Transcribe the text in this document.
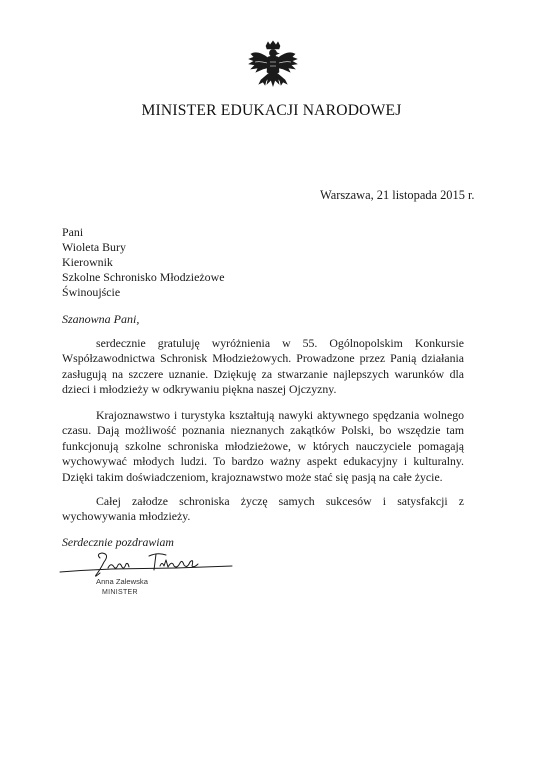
MINISTER EDUKACJI NARODOWEJ
Warszawa, 21 listopada 2015 r.
Pani
Wioleta Bury
Kierownik
Szkolne Schronisko Młodzieżowe
Świnoujście
Szanowna Pani,

serdecznie gratuluję wyróżnienia w 55. Ogólnopolskim Konkursie Współzawodnictwa Schronisk Młodzieżowych. Prowadzone przez Panią działania zasługują na szczere uznanie. Dziękuję za stwarzanie najlepszych warunków dla dzieci i młodzieży w odkrywaniu piękna naszej Ojczyzny.

Krajoznawstwo i turystyka kształtują nawyki aktywnego spędzania wolnego czasu. Dają możliwość poznania nieznanych zakątków Polski, bo wszędzie tam funkcjonują szkolne schroniska młodzieżowe, w których nauczyciele pomagają wychowywać młodych ludzi. To bardzo ważny aspekt edukacyjny i kulturalny. Dzięki takim doświadczeniom, krajoznawstwo może stać się pasją na całe życie.

Całej załodze schroniska życzę samych sukcesów i satysfakcji z wychowywania młodzieży.

Serdecznie pozdrawiam
Anna Zalewska
MINISTER
